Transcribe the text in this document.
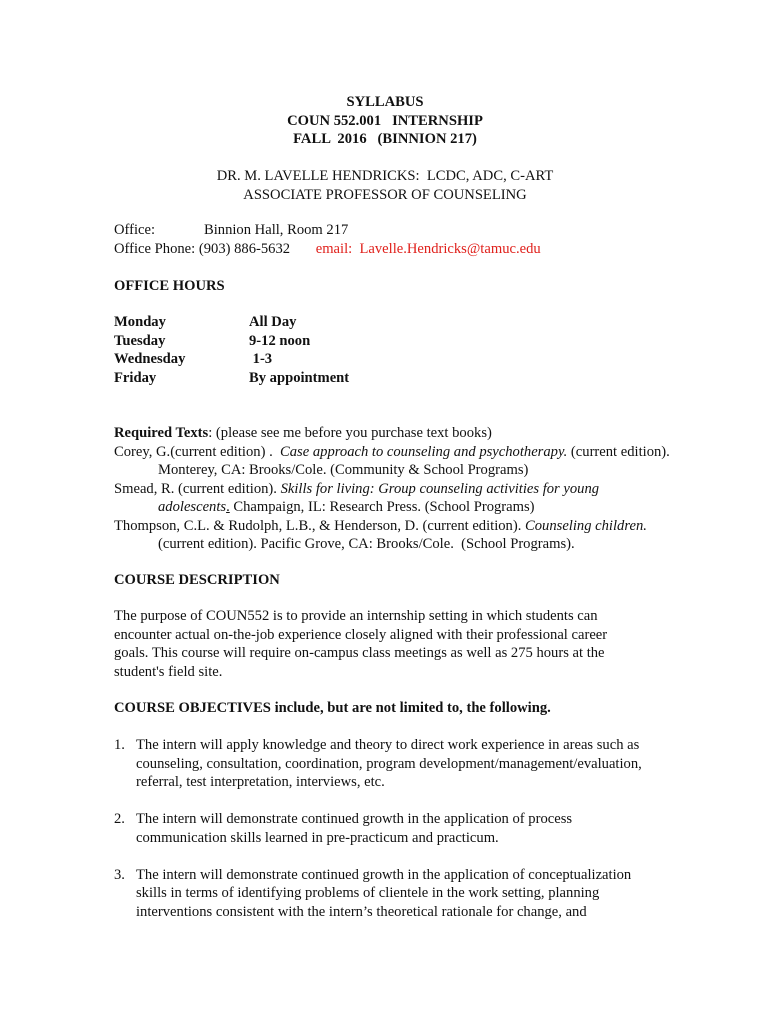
SYLLABUS
COUN 552.001   INTERNSHIP
FALL  2016   (BINNION 217)
DR. M. LAVELLE HENDRICKS:  LCDC, ADC, C-ART
ASSOCIATE PROFESSOR OF COUNSELING
Office:	Binnion Hall, Room 217
Office Phone: (903) 886-5632 email:  Lavelle.Hendricks@tamuc.edu
OFFICE HOURS
Monday	All Day
Tuesday	9-12 noon
Wednesday	1-3
Friday	By appointment
Required Texts: (please see me before you purchase text books)
Corey, G.(current edition) .  Case approach to counseling and psychotherapy. (current edition). Monterey, CA: Brooks/Cole. (Community & School Programs)
Smead, R. (current edition). Skills for living: Group counseling activities for young adolescents. Champaign, IL: Research Press. (School Programs)
Thompson, C.L. & Rudolph, L.B., & Henderson, D. (current edition). Counseling children.(current edition). Pacific Grove, CA: Brooks/Cole.  (School Programs).
COURSE DESCRIPTION
The purpose of COUN552 is to provide an internship setting in which students can encounter actual on-the-job experience closely aligned with their professional career goals. This course will require on-campus class meetings as well as 275 hours at the student's field site.
COURSE OBJECTIVES include, but are not limited to, the following.
1. The intern will apply knowledge and theory to direct work experience in areas such as counseling, consultation, coordination, program development/management/evaluation, referral, test interpretation, interviews, etc.
2. The intern will demonstrate continued growth in the application of process communication skills learned in pre-practicum and practicum.
3. The intern will demonstrate continued growth in the application of conceptualization skills in terms of identifying problems of clientele in the work setting, planning interventions consistent with the intern’s theoretical rationale for change, and
